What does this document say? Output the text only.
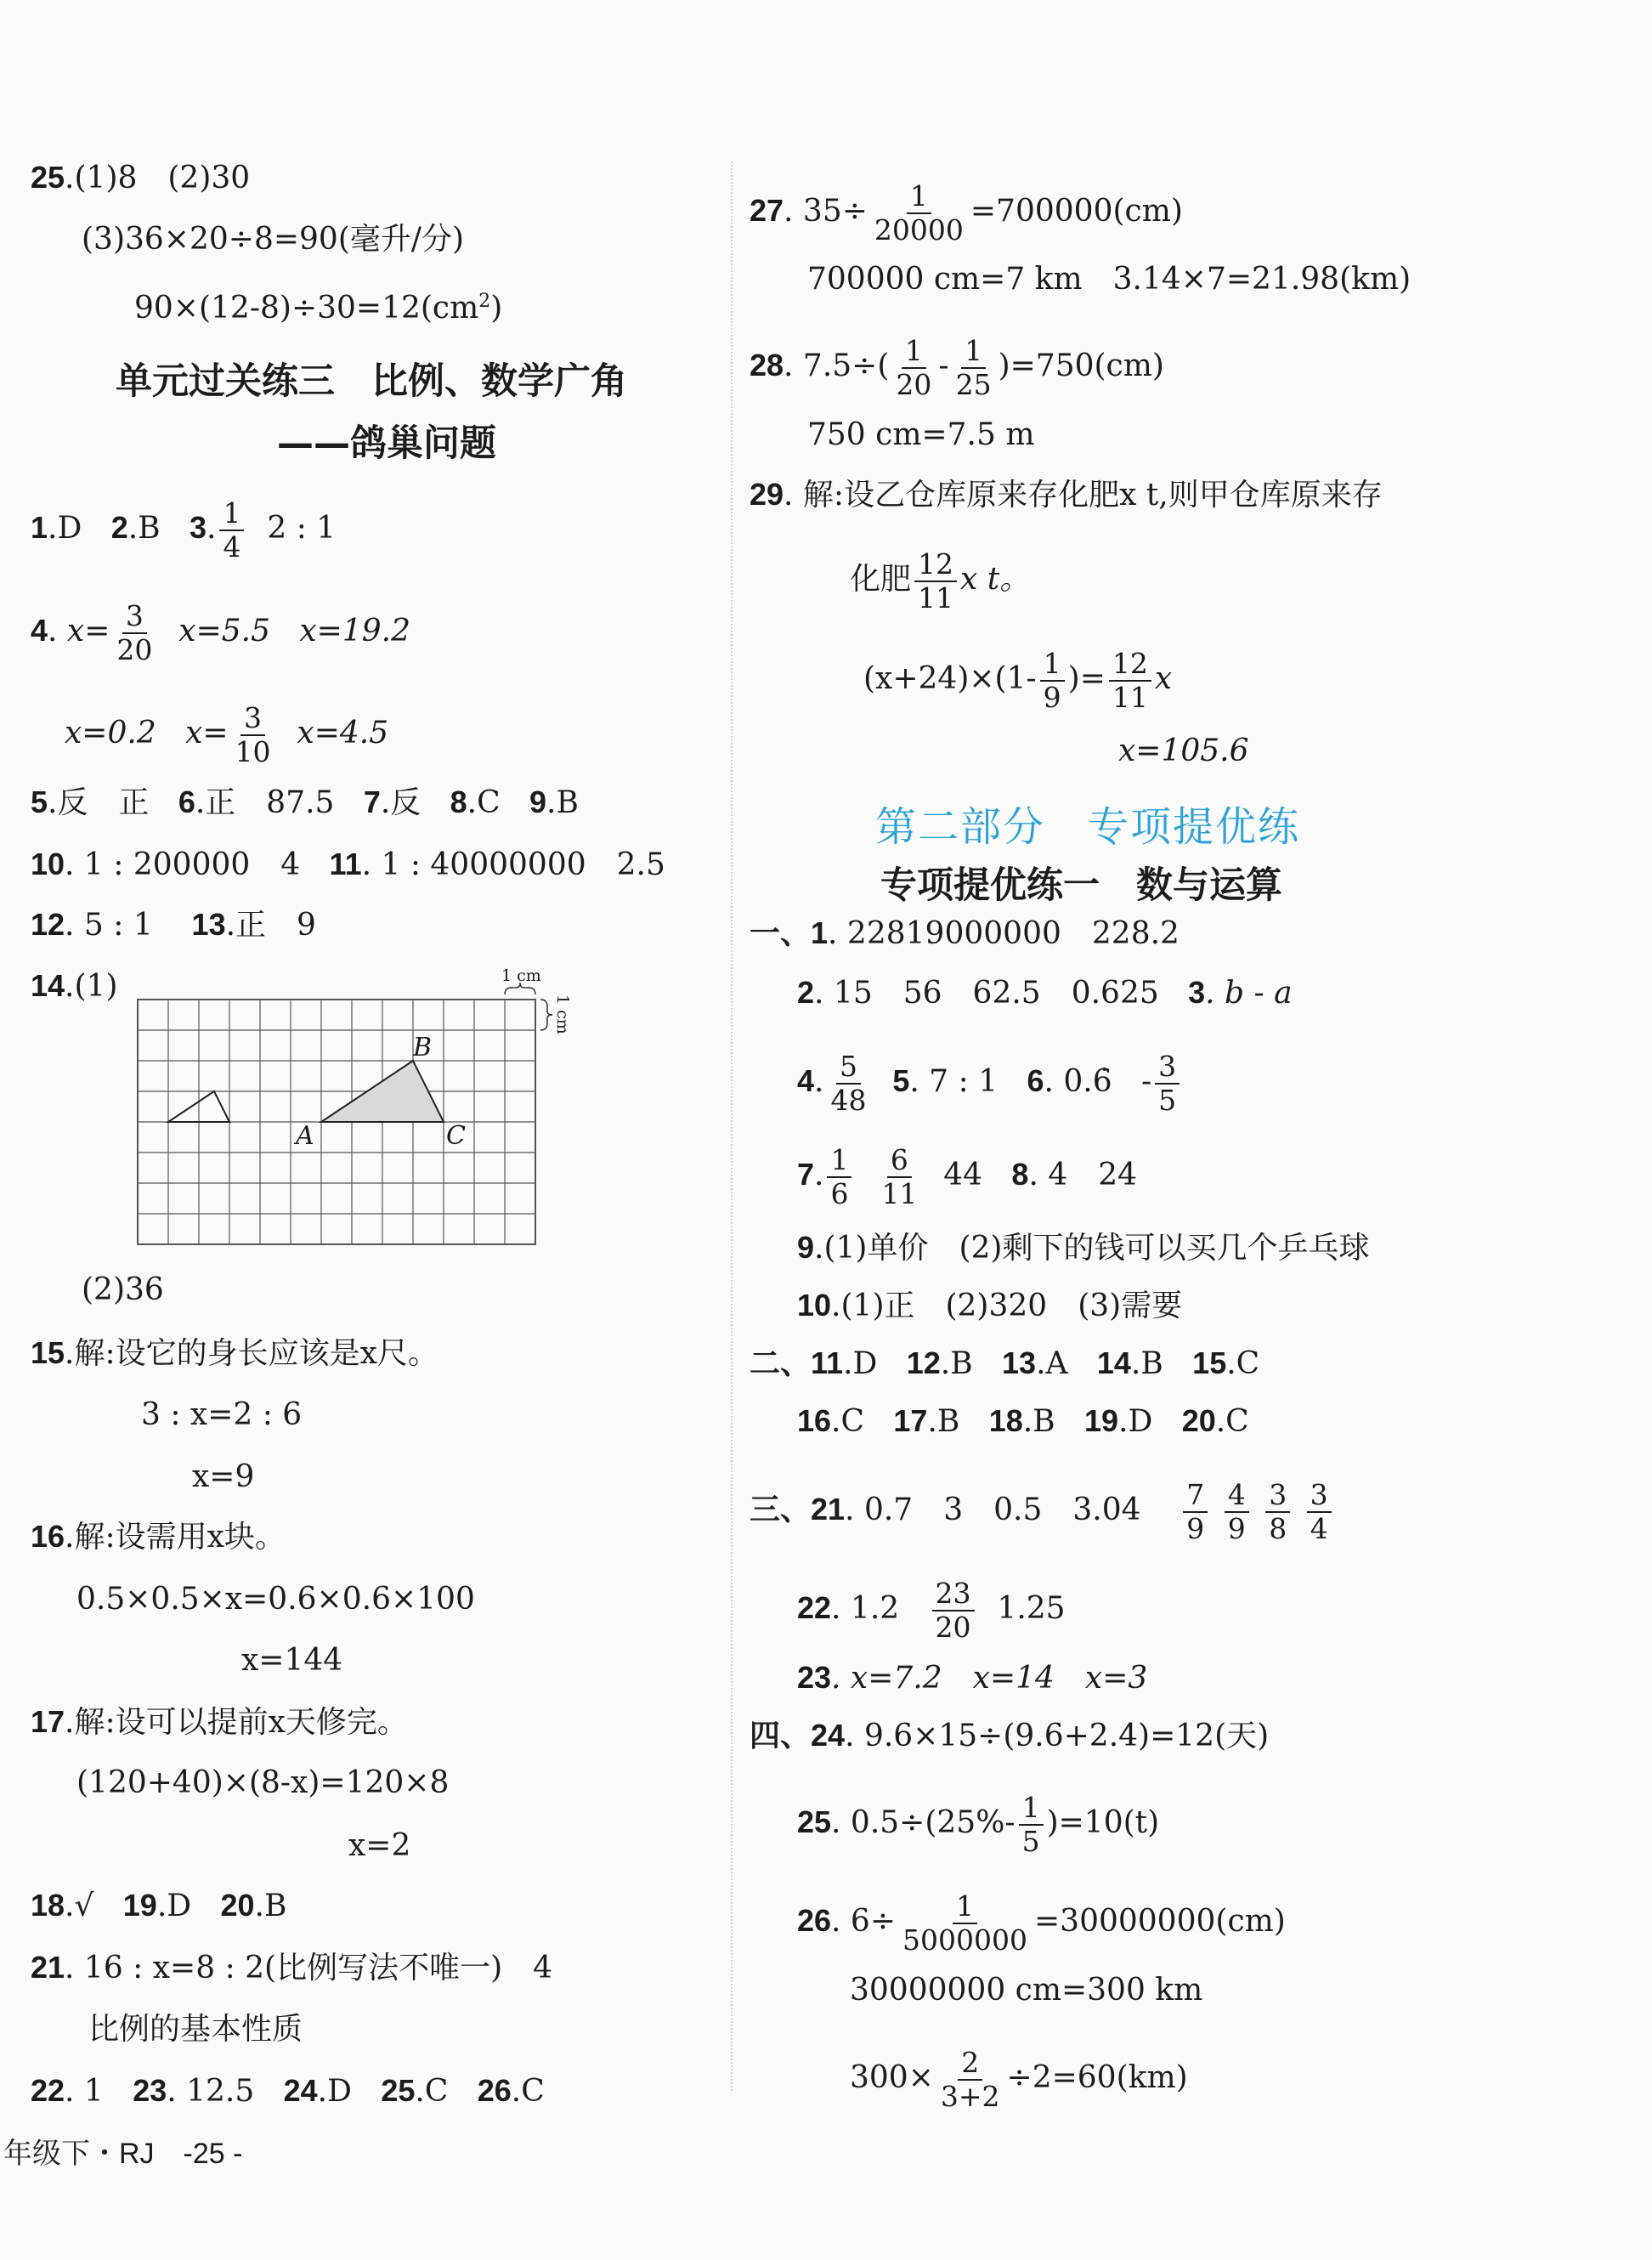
25.(1)8　(2)30
(3)36×20÷8=90(毫升/分)
$90\times(12-8)\div 30=12(cm^2)$
单元过关练三　比例、数学广角
——鸽巢问题
1.D 2.B 3. $\frac{1}{4} 2$ : 1
4. $x= \frac{3}{20} x=5.5$ x=19.2
x=0.2 $x= \frac{3}{10} x=4.5$
5.反　正 6.正　87.5 7.反 8.C 9.B
10. 1 : 200000　4 11. 1 : 40000000　2.5
12. 5 : 1 13.正　9
14.(1)
A
B
C
1 cm
1 cm
(2)36
15.解:设它的身长应该是x尺。
3 : x=2 : 6
x=9
16.解:设需用x块。
0.5×0.5×x=0.6×0.6×100
x=144
17.解:设可以提前x天修完。
(120+40)×(8-x)=120×8
x=2
18.√ 19.D 20.B
21. 16 : x=8 : 2(比例写法不唯一)　4
比例的基本性质
22. 1 23. 12.5 24.D 25.C 26.C
年级下・RJ　-25 -
27. $35\div \frac{1}{20000} =700000(cm)$
700000 cm=7 km　3.14×7=21.98(km)
28. $7.5\div( \frac{1}{20} - \frac{1}{25} )=750(cm)$
750 cm=7.5 m
29. 解:设乙仓库原来存化肥x t,则甲仓库原来存
化肥 $\frac{12}{11}$ x t。
$(x+24)\times(1- \frac{1}{9}$ )= $\frac{12}{11}$ x
x=105.6
第二部分　专项提优练
专项提优练一　数与运算
一、1. 22819000000　228.2
2. 15　56　62.5　0.625 3. b - a
4. $\frac{5}{48} 5$. 7 : 1 6. 0.6̇ - $\frac{3}{5}$
7. $\frac{1}{6}$
$\frac{6}{11} 44$ 8. 4　24
9.(1)单价　(2)剩下的钱可以买几个乒乓球
10.(1)正　(2)320　(3)需要
二、11.D 12.B 13.A 14.B 15.C
16.C 17.B 18.B 19.D 20.C
三、21. 0.7　3　0.5　$3.04 \frac{7}{9}$
$\frac{4}{9}$
$\frac{3}{8}$
$\frac{3}{4}$
22. $1.2 \frac{23}{20} 1.25$
23. x=7.2　x=14　x=3
四、24. 9.6×15÷(9.6+2.4)=12(天)
25. $0.5\div(25\%- \frac{1}{5} )=10(t)$
26. $6\div \frac{1}{5000000} =30000000(cm)$
30000000 cm=300 km
$300\times \frac{2}{3+2} \div 2=60(km)$
